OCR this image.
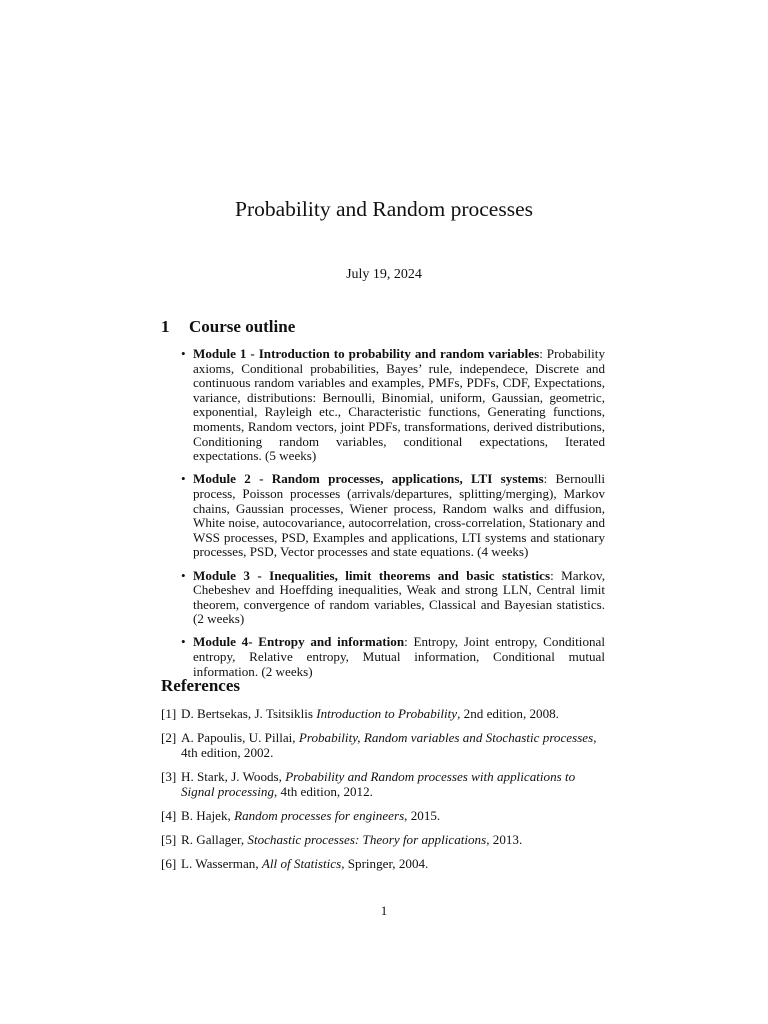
Probability and Random processes
July 19, 2024
1 Course outline
• Module 1 - Introduction to probability and random variables: Probability axioms, Conditional probabilities, Bayes’ rule, independece, Discrete and continuous random variables and examples, PMFs, PDFs, CDF, Expectations, variance, distributions: Bernoulli, Binomial, uniform, Gaussian, geometric, exponential, Rayleigh etc., Characteristic functions, Generating functions, moments, Random vectors, joint PDFs, transformations, derived distributions, Conditioning random variables, conditional expectations, Iterated expectations. (5 weeks)
• Module 2 - Random processes, applications, LTI systems: Bernoulli process, Poisson processes (arrivals/departures, splitting/merging), Markov chains, Gaussian processes, Wiener process, Random walks and diffusion, White noise, autocovariance, autocorrelation, cross-correlation, Stationary and WSS processes, PSD, Examples and applications, LTI systems and stationary processes, PSD, Vector processes and state equations. (4 weeks)
• Module 3 - Inequalities, limit theorems and basic statistics: Markov, Chebeshev and Hoeffding inequalities, Weak and strong LLN, Central limit theorem, convergence of random variables, Classical and Bayesian statistics. (2 weeks)
• Module 4- Entropy and information: Entropy, Joint entropy, Conditional entropy, Relative entropy, Mutual information, Conditional mutual information. (2 weeks)
References
[1] D. Bertsekas, J. Tsitsiklis Introduction to Probability, 2nd edition, 2008.
[2] A. Papoulis, U. Pillai, Probability, Random variables and Stochastic processes, 4th edition, 2002.
[3] H. Stark, J. Woods, Probability and Random processes with applications to Signal processing, 4th edition, 2012.
[4] B. Hajek, Random processes for engineers, 2015.
[5] R. Gallager, Stochastic processes: Theory for applications, 2013.
[6] L. Wasserman, All of Statistics, Springer, 2004.
1
